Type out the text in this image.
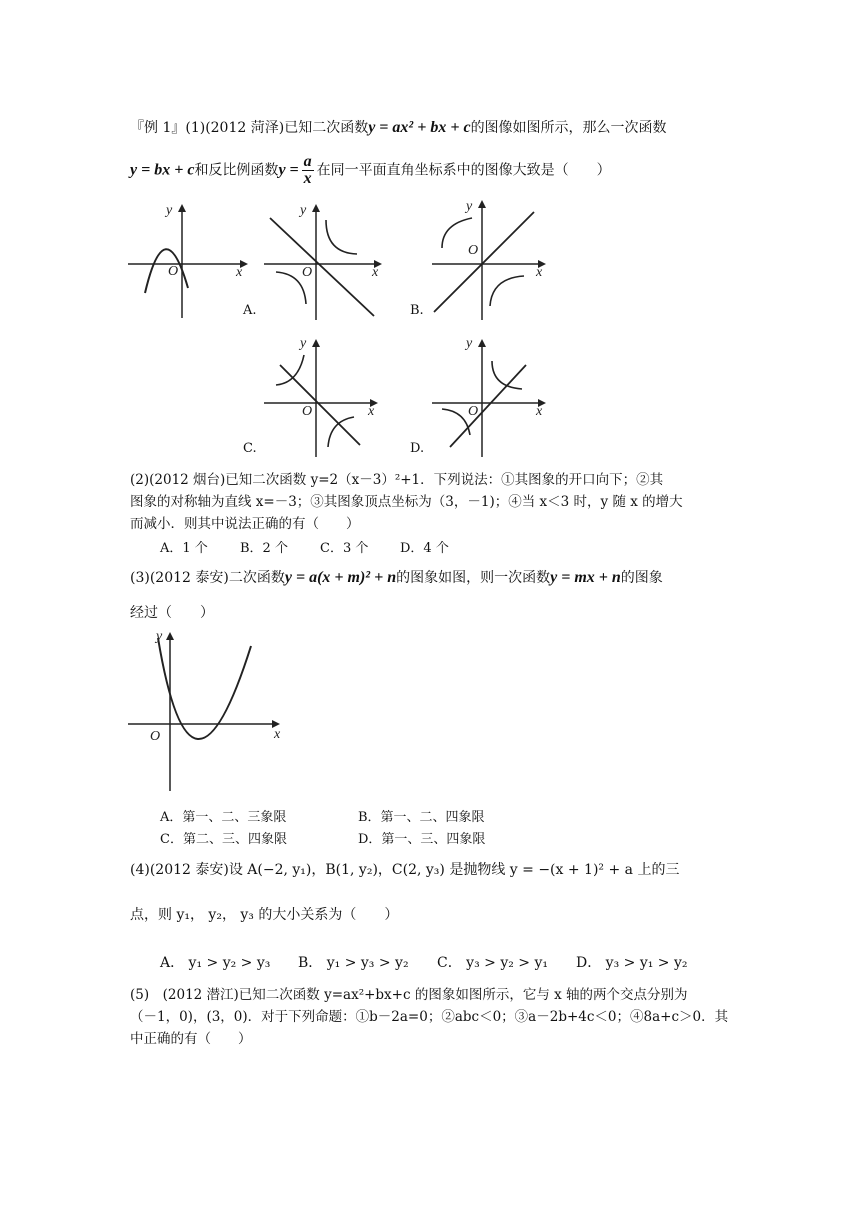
『例 1』(1)(2012 菏泽)已知二次函数y = ax² + bx + c的图像如图所示，那么一次函数
y = bx + c和反比例函数$y = \frac{a}{x}$ 在同一平面直角坐标系中的图像大致是（　　）
x
y
O	x
y
O
A.
x
y
O
B.
x
y
O
C.
x
y
O
D.
(2)(2012 烟台)已知二次函数 y=2（x－3）²+1．下列说法：①其图象的开口向下；②其
图象的对称轴为直线 x=－3；③其图象顶点坐标为（3，－1)；④当 x＜3 时，y 随 x 的增大
而减小．则其中说法正确的有（　　）
A．1 个 B．2 个 C．3 个 D．4 个
(3)(2012 泰安)二次函数y = a(x + m)² + n的图象如图，则一次函数y = mx + n的图象
经过（　　）
x
y
O
A．第一、二、三象限	B．第一、二、四象限
C．第二、三、四象限	D．第一、三、四象限
(4)(2012 泰安)设 A(−2, y₁)，B(1, y₂)，C(2, y₃) 是抛物线 y = −(x + 1)² + a 上的三
点，则 y₁， y₂， y₃ 的大小关系为（　　）
A． y₁ > y₂ > y₃ B． y₁ > y₃ > y₂ C． y₃ > y₂ > y₁ D． y₃ > y₁ > y₂
(5)　(2012 潜江)已知二次函数 y=ax²+bx+c 的图象如图所示，它与 x 轴的两个交点分别为
（－1，0)，(3，0)．对于下列命题：①b－2a=0；②abc＜0；③a－2b+4c＜0；④8a+c＞0．其
中正确的有（　　）
